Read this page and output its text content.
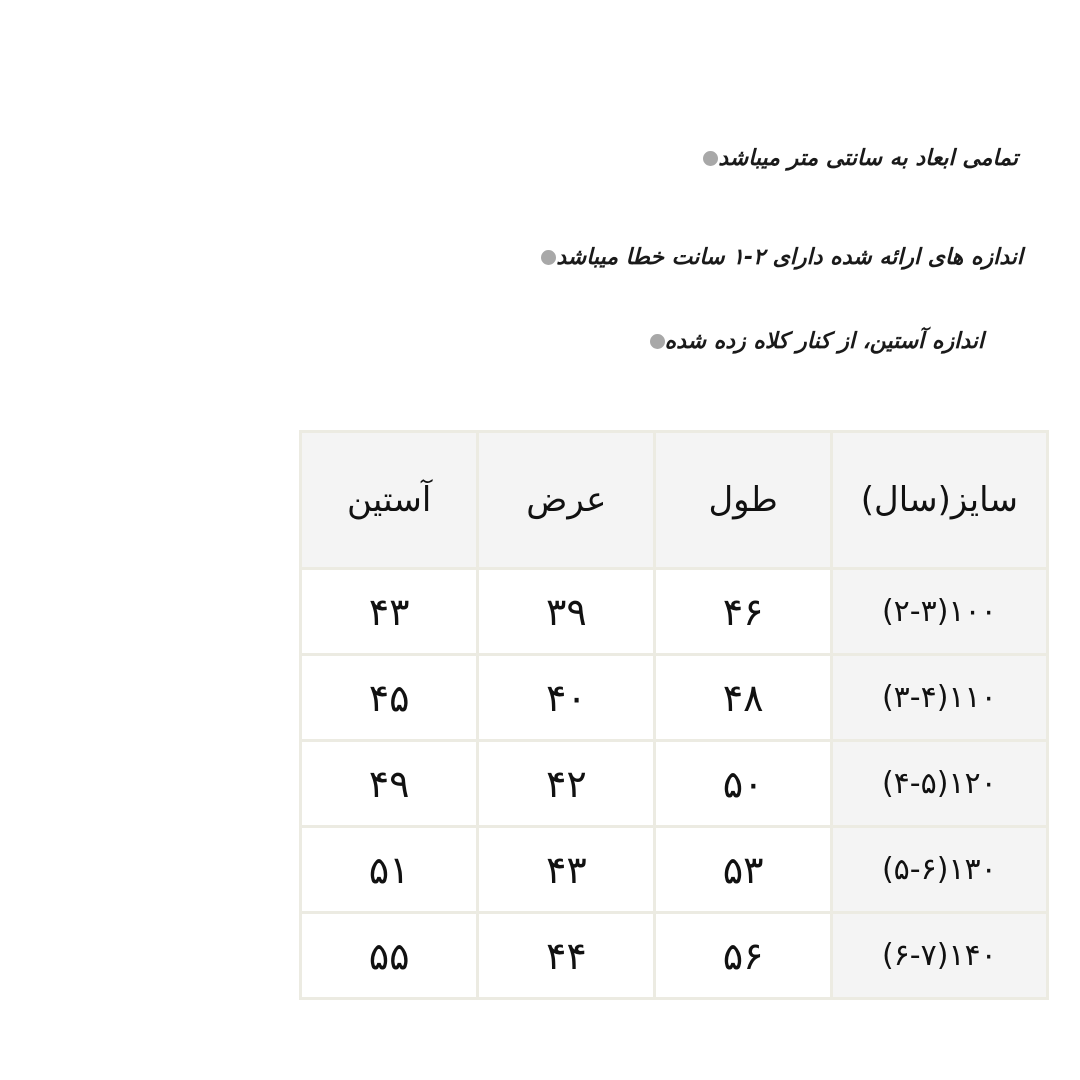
تمامی ابعاد به سانتی متر میباشد
اندازه های ارائه شده دارای ۲-۱ سانت خطا میباشد
اندازه آستین، از کنار کلاه زده شده
سایز(سال)	طول	عرض	آستین
۱۰۰(۲-۳)	۴۶	۳۹	۴۳
۱۱۰(۳-۴)	۴۸	۴۰	۴۵
۱۲۰(۴-۵)	۵۰	۴۲	۴۹
۱۳۰(۵-۶)	۵۳	۴۳	۵۱
۱۴۰(۶-۷)	۵۶	۴۴	۵۵
